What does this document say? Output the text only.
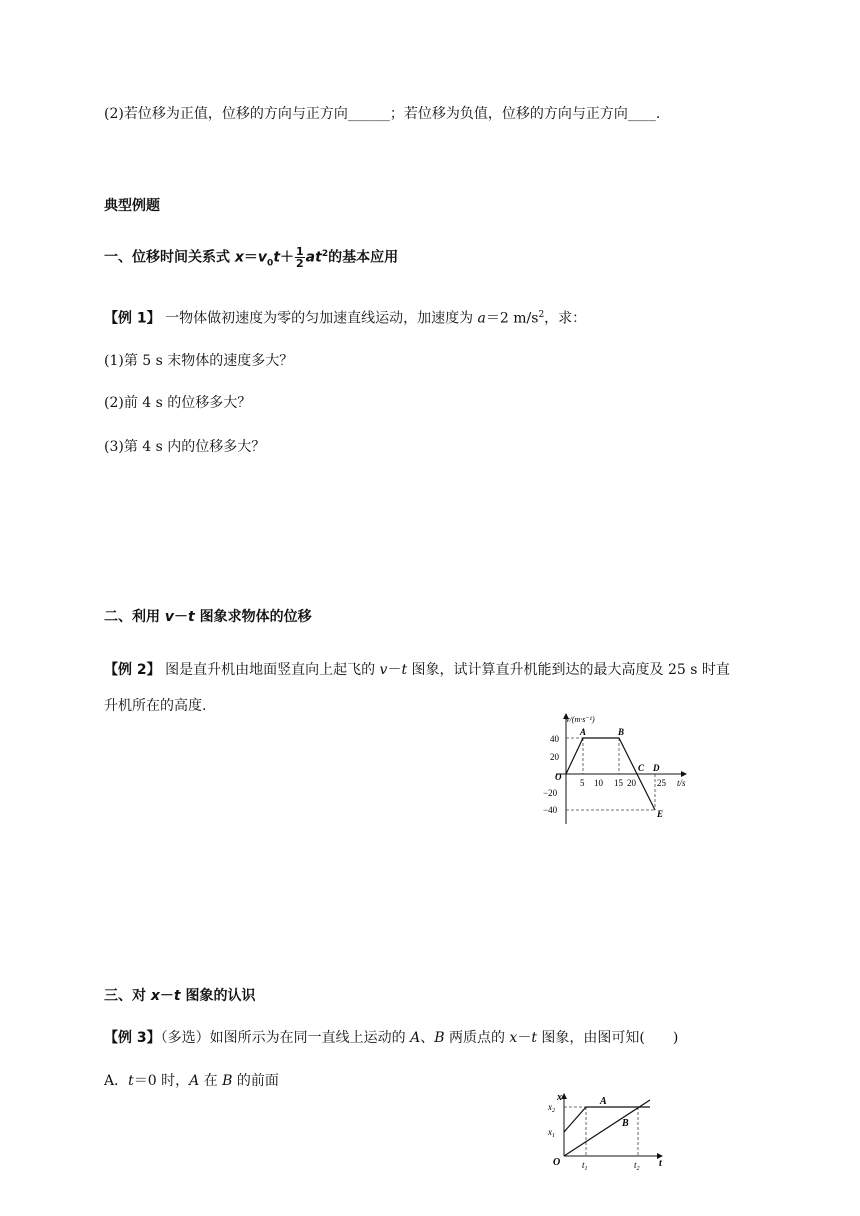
(2)若位移为正值，位移的方向与正方向______；若位移为负值，位移的方向与正方向____.
典型例题
一、位移时间关系式 $x=v_0t+ \frac{1}{2} at^2$的基本应用
【例 1】 一物体做初速度为零的匀加速直线运动，加速度为 a＝2 $m/s^2$，求：
(1)第 5 s 末物体的速度多大？
(2)前 4 s 的位移多大？
(3)第 4 s 内的位移多大？
二、利用 v－t 图象求物体的位移
【例 2】 图是直升机由地面竖直向上起飞的 v－t 图象，试计算直升机能到达的最大高度及 25 s 时直
升机所在的高度.
v/(m·s⁻¹)
t/s
O
40
20
−20
−40
5 10 15 20 25
A	B
C D
E
三、对 x－t 图象的认识
【例 3】（多选）如图所示为在同一直线上运动的 A、B 两质点的 x－t 图象，由图可知(　　)
A．t＝0 时，A 在 B 的前面
x
t
O
$x_2$
$x_1$
$t_1$	$t_2$
A
B
